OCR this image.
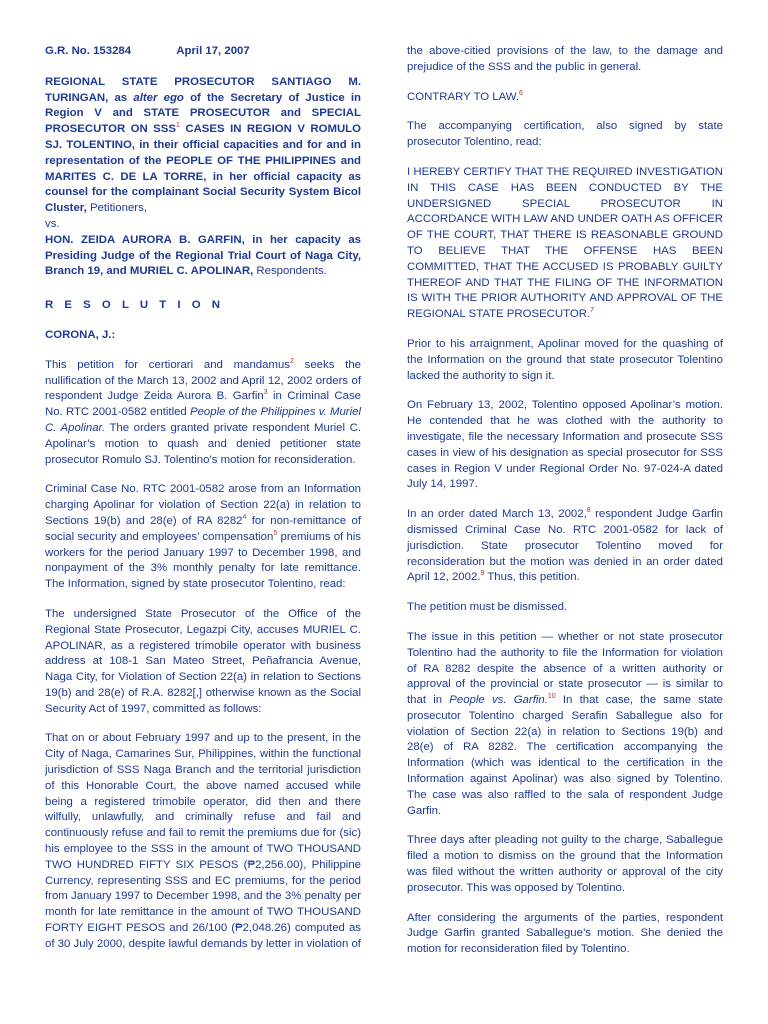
G.R. No. 153284	April 17, 2007

REGIONAL STATE PROSECUTOR SANTIAGO M. TURINGAN, as alter ego of the Secretary of Justice in Region V and STATE PROSECUTOR and SPECIAL PROSECUTOR ON SSS$^1$ CASES IN REGION V ROMULO SJ. TOLENTINO, in their official capacities and for and in representation of the PEOPLE OF THE PHILIPPINES and MARITES C. DE LA TORRE, in her official capacity as counsel for the complainant Social Security System Bicol Cluster, Petitioners,
vs.
HON. ZEIDA AURORA B. GARFIN, in her capacity as Presiding Judge of the Regional Trial Court of Naga City, Branch 19, and MURIEL C. APOLINAR, Respondents.

R E S O L U T I O N

CORONA, J.:

This petition for certiorari and mandamus$^2$ seeks the nullification of the March 13, 2002 and April 12, 2002 orders of respondent Judge Zeida Aurora B. Garfin$^3$ in Criminal Case No. RTC 2001-0582 entitled People of the Philippines v. Muriel C. Apolinar. The orders granted private respondent Muriel C. Apolinar’s motion to quash and denied petitioner state prosecutor Romulo SJ. Tolentino’s motion for reconsideration.

Criminal Case No. RTC 2001-0582 arose from an Information charging Apolinar for violation of Section 22(a) in relation to Sections 19(b) and 28(e) of RA 8282$^4$ for non-remittance of social security and employees’ compensation$^5$ premiums of his workers for the period January 1997 to December 1998, and nonpayment of the 3% monthly penalty for late remittance. The Information, signed by state prosecutor Tolentino, read:

The undersigned State Prosecutor of the Office of the Regional State Prosecutor, Legazpi City, accuses MURIEL C. APOLINAR, as a registered trimobile operator with business address at 108-1 San Mateo Street, Peñafrancia Avenue, Naga City, for Violation of Section 22(a) in relation to Sections 19(b) and 28(e) of R.A. 8282[,] otherwise known as the Social Security Act of 1997, committed as follows:

That on or about February 1997 and up to the present, in the City of Naga, Camarines Sur, Philippines, within the functional jurisdiction of SSS Naga Branch and the territorial jurisdiction of this Honorable Court, the above named accused while being a registered trimobile operator, did then and there wilfully, unlawfully, and criminally refuse and fail and continuously refuse and fail to remit the premiums due for (sic) his employee to the SSS in the amount of TWO THOUSAND TWO HUNDRED FIFTY SIX PESOS (₱2,256.00), Philippine Currency, representing SSS and EC premiums, for the period from January 1997 to December 1998, and the 3% penalty per month for late remittance in the amount of TWO THOUSAND FORTY EIGHT PESOS and 26/100 (₱2,048.26) computed as of 30 July 2000, despite lawful demands by letter in violation of

the above-citied provisions of the law, to the damage and prejudice of the SSS and the public in general.

CONTRARY TO LAW.$^6$

The accompanying certification, also signed by state prosecutor Tolentino, read:

I HEREBY CERTIFY THAT THE REQUIRED INVESTIGATION IN THIS CASE HAS BEEN CONDUCTED BY THE UNDERSIGNED SPECIAL PROSECUTOR IN ACCORDANCE WITH LAW AND UNDER OATH AS OFFICER OF THE COURT, THAT THERE IS REASONABLE GROUND TO BELIEVE THAT THE OFFENSE HAS BEEN COMMITTED, THAT THE ACCUSED IS PROBABLY GUILTY THEREOF AND THAT THE FILING OF THE INFORMATION IS WITH THE PRIOR AUTHORITY AND APPROVAL OF THE REGIONAL STATE PROSECUTOR.$^7$

Prior to his arraignment, Apolinar moved for the quashing of the Information on the ground that state prosecutor Tolentino lacked the authority to sign it.

On February 13, 2002, Tolentino opposed Apolinar’s motion. He contended that he was clothed with the authority to investigate, file the necessary Information and prosecute SSS cases in view of his designation as special prosecutor for SSS cases in Region V under Regional Order No. 97-024-A dated July 14, 1997.

In an order dated March 13, 2002,$^8$ respondent Judge Garfin dismissed Criminal Case No. RTC 2001-0582 for lack of jurisdiction. State prosecutor Tolentino moved for reconsideration but the motion was denied in an order dated April 12, 2002.$^9$ Thus, this petition.

The petition must be dismissed.

The issue in this petition — whether or not state prosecutor Tolentino had the authority to file the Information for violation of RA 8282 despite the absence of a written authority or approval of the provincial or state prosecutor — is similar to that in People vs. Garfin.$^{10}$ In that case, the same state prosecutor Tolentino charged Serafin Saballegue also for violation of Section 22(a) in relation to Sections 19(b) and 28(e) of RA 8282. The certification accompanying the Information (which was identical to the certification in the Information against Apolinar) was also signed by Tolentino. The case was also raffled to the sala of respondent Judge Garfin.

Three days after pleading not guilty to the charge, Saballegue filed a motion to dismiss on the ground that the Information was filed without the written authority or approval of the city prosecutor. This was opposed by Tolentino.

After considering the arguments of the parties, respondent Judge Garfin granted Saballegue’s motion. She denied the motion for reconsideration filed by Tolentino.
